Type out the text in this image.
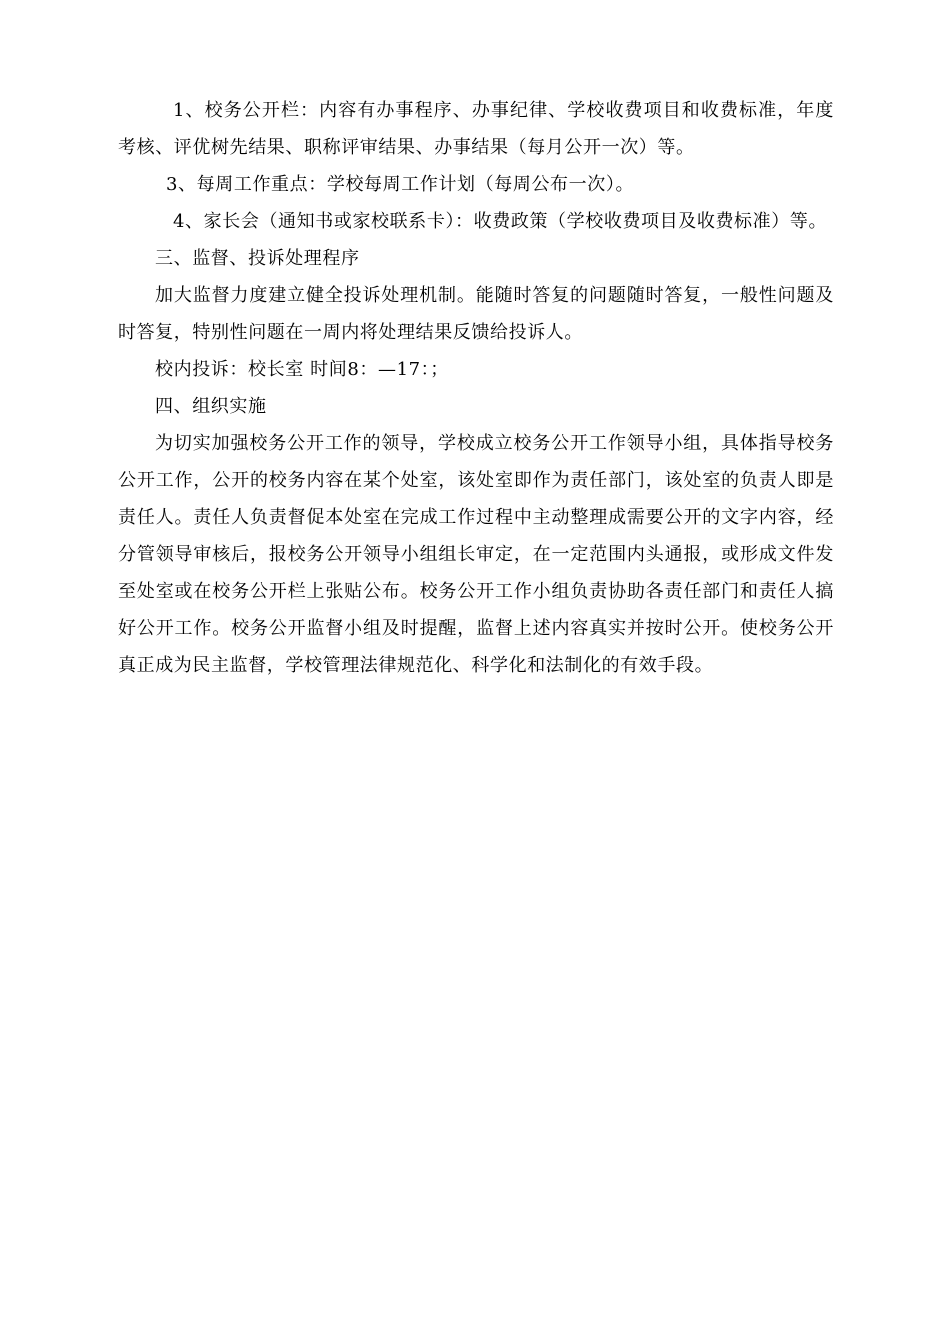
1、校务公开栏：内容有办事程序、办事纪律、学校收费项目和收费标准，年度考核、评优树先结果、职称评审结果、办事结果（每月公开一次）等。

3、每周工作重点：学校每周工作计划（每周公布一次）。

4、家长会（通知书或家校联系卡）：收费政策（学校收费项目及收费标准）等。

三、监督、投诉处理程序

加大监督力度建立健全投诉处理机制。能随时答复的问题随时答复，一般性问题及时答复，特别性问题在一周内将处理结果反馈给投诉人。

校内投诉：校长室 时间8：—17：；

四、组织实施

为切实加强校务公开工作的领导，学校成立校务公开工作领导小组，具体指导校务公开工作，公开的校务内容在某个处室，该处室即作为责任部门，该处室的负责人即是责任人。责任人负责督促本处室在完成工作过程中主动整理成需要公开的文字内容，经分管领导审核后，报校务公开领导小组组长审定，在一定范围内头通报，或形成文件发至处室或在校务公开栏上张贴公布。校务公开工作小组负责协助各责任部门和责任人搞好公开工作。校务公开监督小组及时提醒，监督上述内容真实并按时公开。使校务公开真正成为民主监督，学校管理法律规范化、科学化和法制化的有效手段。
